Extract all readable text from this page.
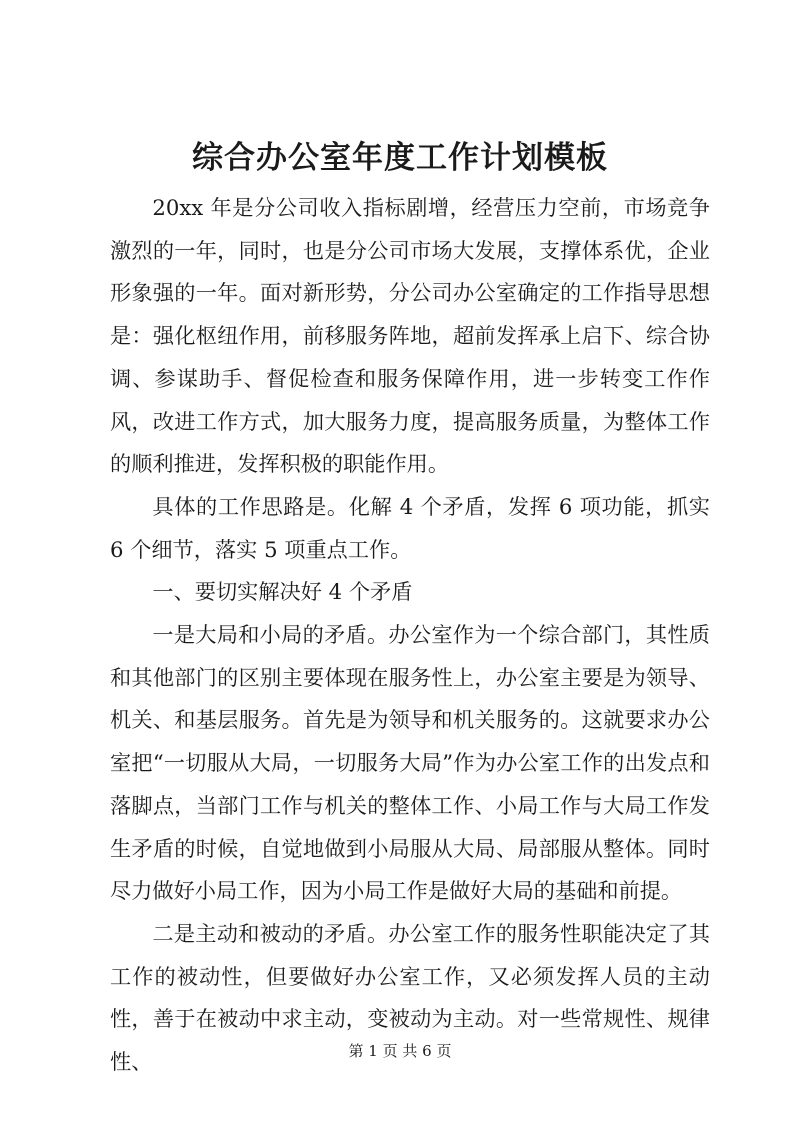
综合办公室年度工作计划模板

20xx 年是分公司收入指标剧增，经营压力空前，市场竞争激烈的一年，同时，也是分公司市场大发展，支撑体系优，企业形象强的一年。面对新形势，分公司办公室确定的工作指导思想是：强化枢纽作用，前移服务阵地，超前发挥承上启下、综合协调、参谋助手、督促检查和服务保障作用，进一步转变工作作风，改进工作方式，加大服务力度，提高服务质量，为整体工作的顺利推进，发挥积极的职能作用。

具体的工作思路是。化解 4 个矛盾，发挥 6 项功能，抓实 6 个细节，落实 5 项重点工作。

一、要切实解决好 4 个矛盾

一是大局和小局的矛盾。办公室作为一个综合部门，其性质和其他部门的区别主要体现在服务性上，办公室主要是为领导、机关、和基层服务。首先是为领导和机关服务的。这就要求办公室把“一切服从大局，一切服务大局”作为办公室工作的出发点和落脚点，当部门工作与机关的整体工作、小局工作与大局工作发生矛盾的时候，自觉地做到小局服从大局、局部服从整体。同时尽力做好小局工作，因为小局工作是做好大局的基础和前提。

二是主动和被动的矛盾。办公室工作的服务性职能决定了其工作的被动性，但要做好办公室工作，又必须发挥人员的主动性，善于在被动中求主动，变被动为主动。对一些常规性、规律性、	第 1 页 共 6 页
